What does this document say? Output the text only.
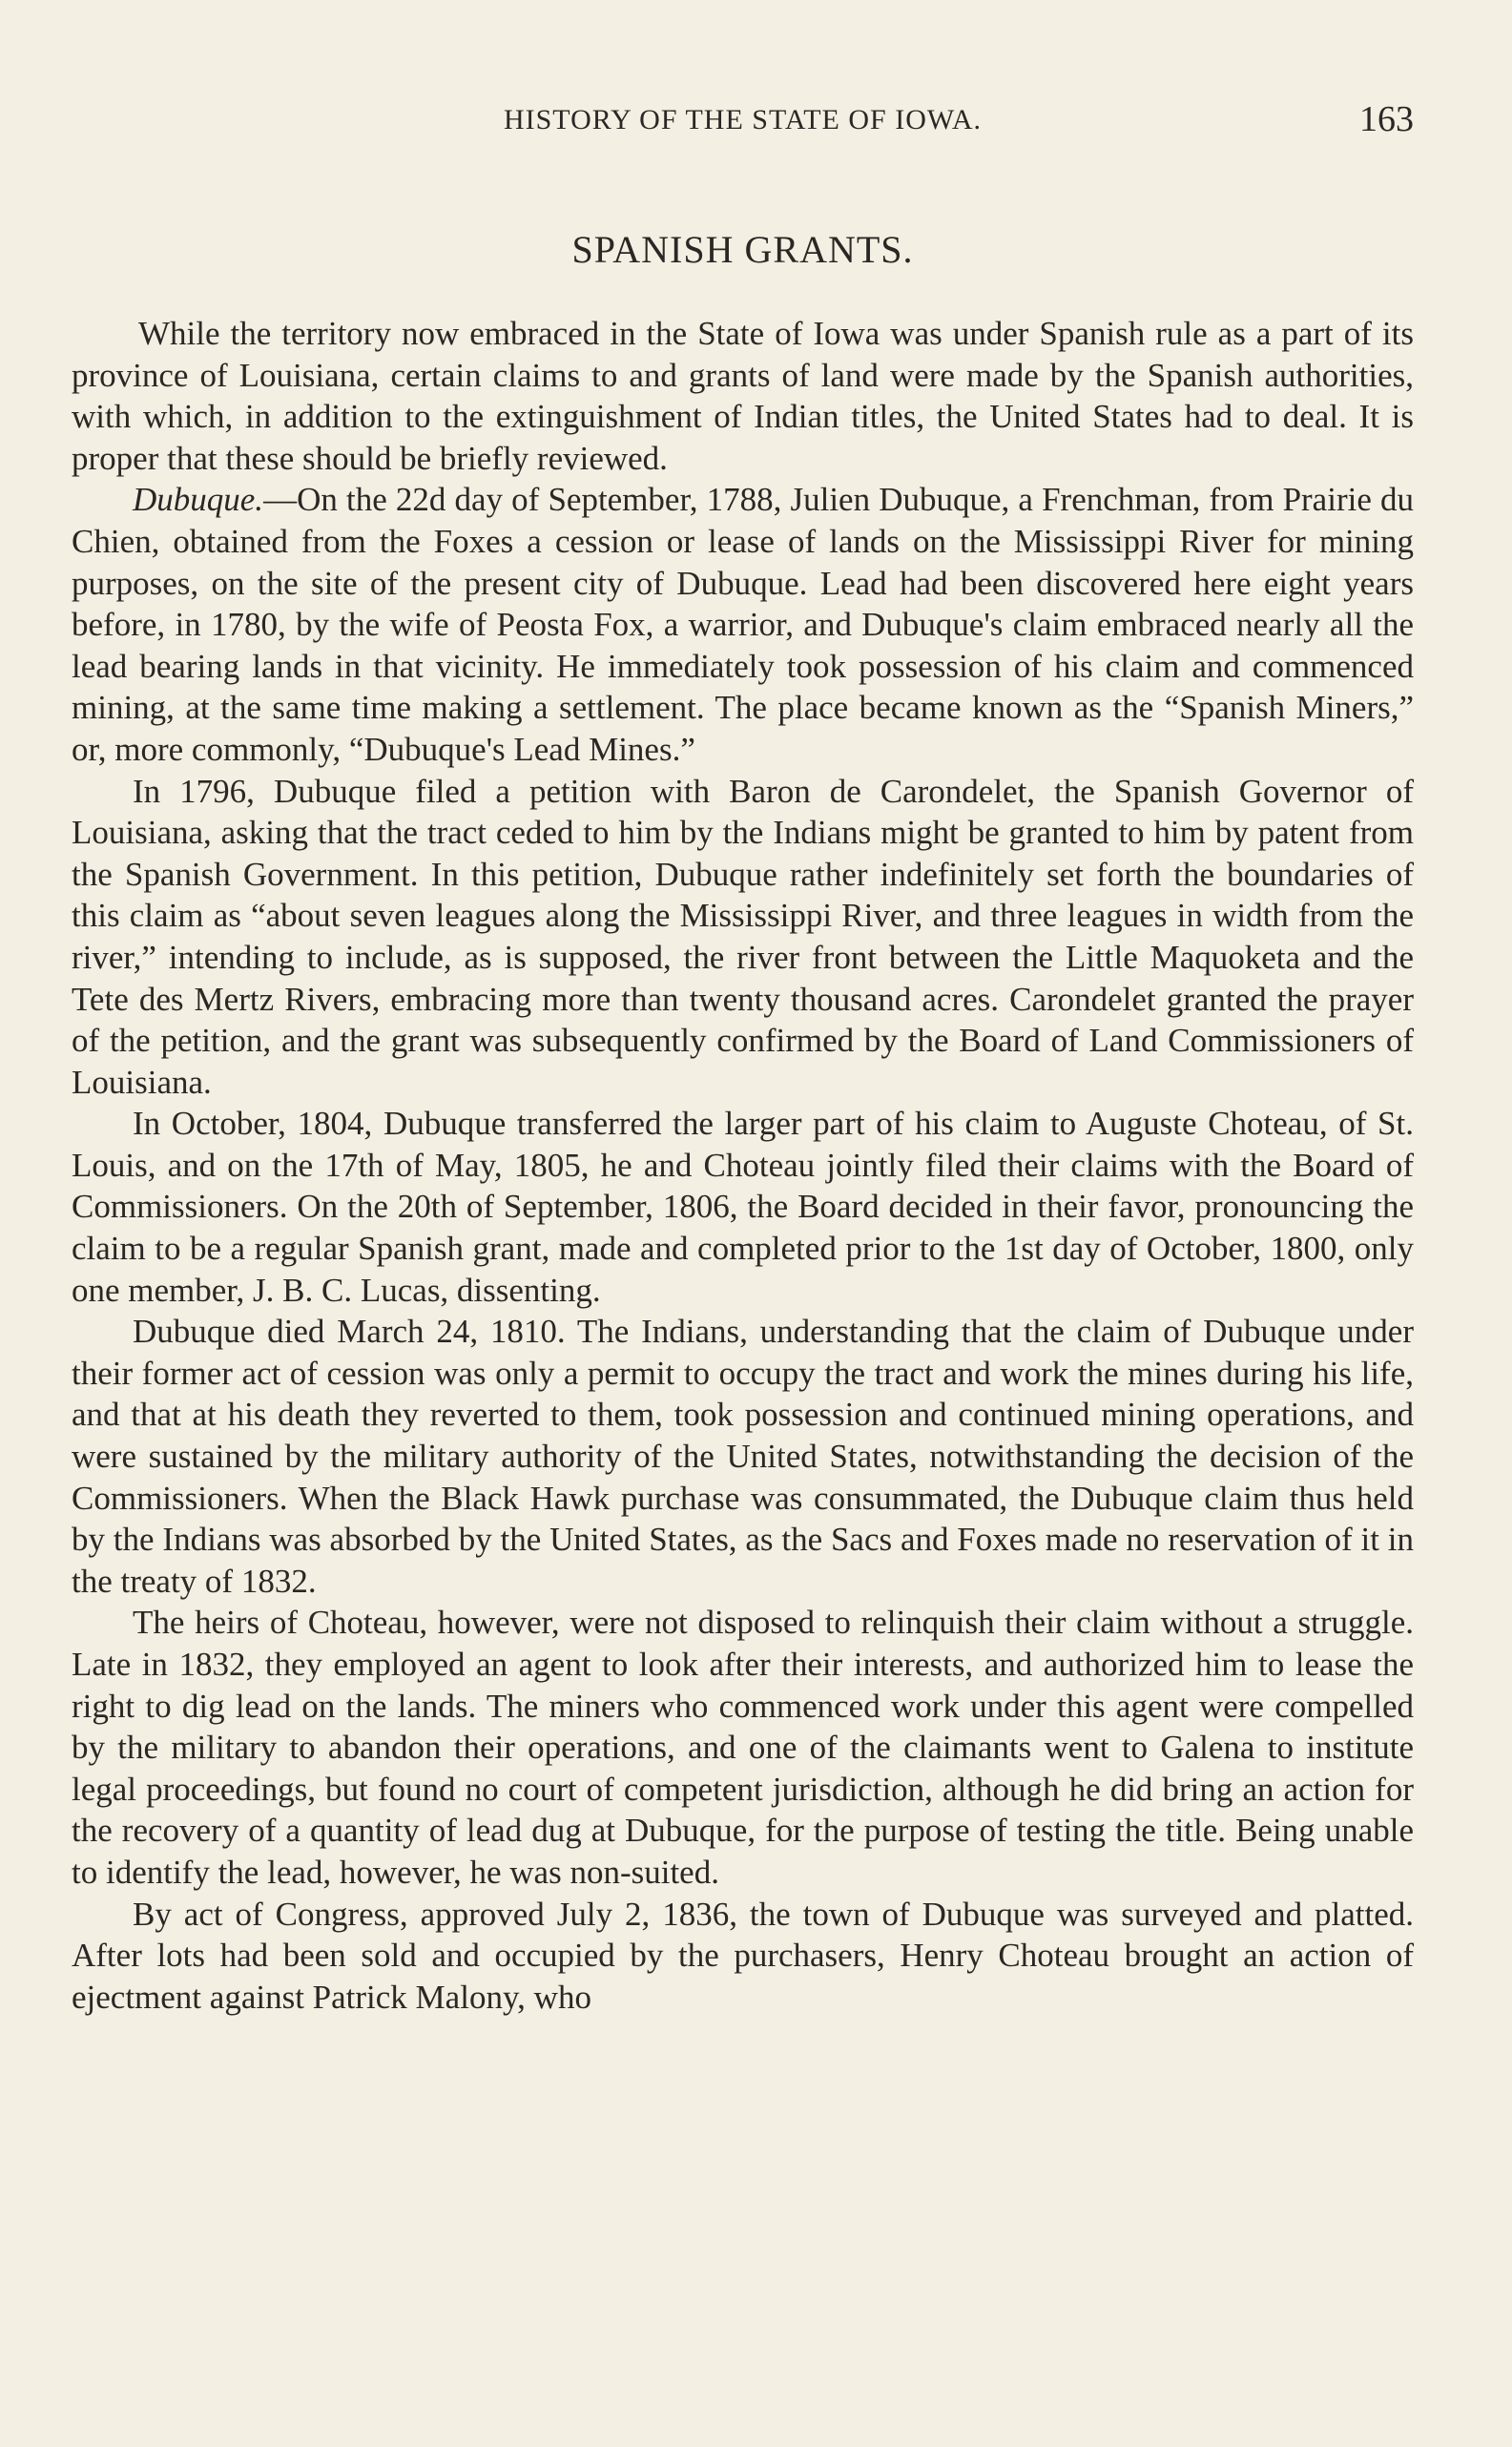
HISTORY OF THE STATE OF IOWA.	163
SPANISH GRANTS.

While the territory now embraced in the State of Iowa was under Spanish rule as a part of its province of Louisiana, certain claims to and grants of land were made by the Spanish authorities, with which, in addition to the extinguishment of Indian titles, the United States had to deal. It is proper that these should be briefly reviewed.

Dubuque.—On the 22d day of September, 1788, Julien Dubuque, a Frenchman, from Prairie du Chien, obtained from the Foxes a cession or lease of lands on the Mississippi River for mining purposes, on the site of the present city of Dubuque. Lead had been discovered here eight years before, in 1780, by the wife of Peosta Fox, a warrior, and Dubuque's claim embraced nearly all the lead bearing lands in that vicinity. He immediately took possession of his claim and commenced mining, at the same time making a settlement. The place became known as the “Spanish Miners,” or, more commonly, “Dubuque's Lead Mines.”

In 1796, Dubuque filed a petition with Baron de Carondelet, the Spanish Governor of Louisiana, asking that the tract ceded to him by the Indians might be granted to him by patent from the Spanish Government. In this petition, Dubuque rather indefinitely set forth the boundaries of this claim as “about seven leagues along the Mississippi River, and three leagues in width from the river,” intending to include, as is supposed, the river front between the Little Maquoketa and the Tete des Mertz Rivers, embracing more than twenty thousand acres. Carondelet granted the prayer of the petition, and the grant was subsequently confirmed by the Board of Land Commissioners of Louisiana.

In October, 1804, Dubuque transferred the larger part of his claim to Auguste Choteau, of St. Louis, and on the 17th of May, 1805, he and Choteau jointly filed their claims with the Board of Commissioners. On the 20th of September, 1806, the Board decided in their favor, pronouncing the claim to be a regular Spanish grant, made and completed prior to the 1st day of October, 1800, only one member, J. B. C. Lucas, dissenting.

Dubuque died March 24, 1810. The Indians, understanding that the claim of Dubuque under their former act of cession was only a permit to occupy the tract and work the mines during his life, and that at his death they reverted to them, took possession and continued mining operations, and were sustained by the military authority of the United States, notwithstanding the decision of the Commissioners. When the Black Hawk purchase was consummated, the Dubuque claim thus held by the Indians was absorbed by the United States, as the Sacs and Foxes made no reservation of it in the treaty of 1832.

The heirs of Choteau, however, were not disposed to relinquish their claim without a struggle. Late in 1832, they employed an agent to look after their interests, and authorized him to lease the right to dig lead on the lands. The miners who commenced work under this agent were compelled by the military to abandon their operations, and one of the claimants went to Galena to institute legal proceedings, but found no court of competent jurisdiction, although he did bring an action for the recovery of a quantity of lead dug at Dubuque, for the purpose of testing the title. Being unable to identify the lead, however, he was non-suited.

By act of Congress, approved July 2, 1836, the town of Dubuque was surveyed and platted. After lots had been sold and occupied by the purchasers, Henry Choteau brought an action of ejectment against Patrick Malony, who
